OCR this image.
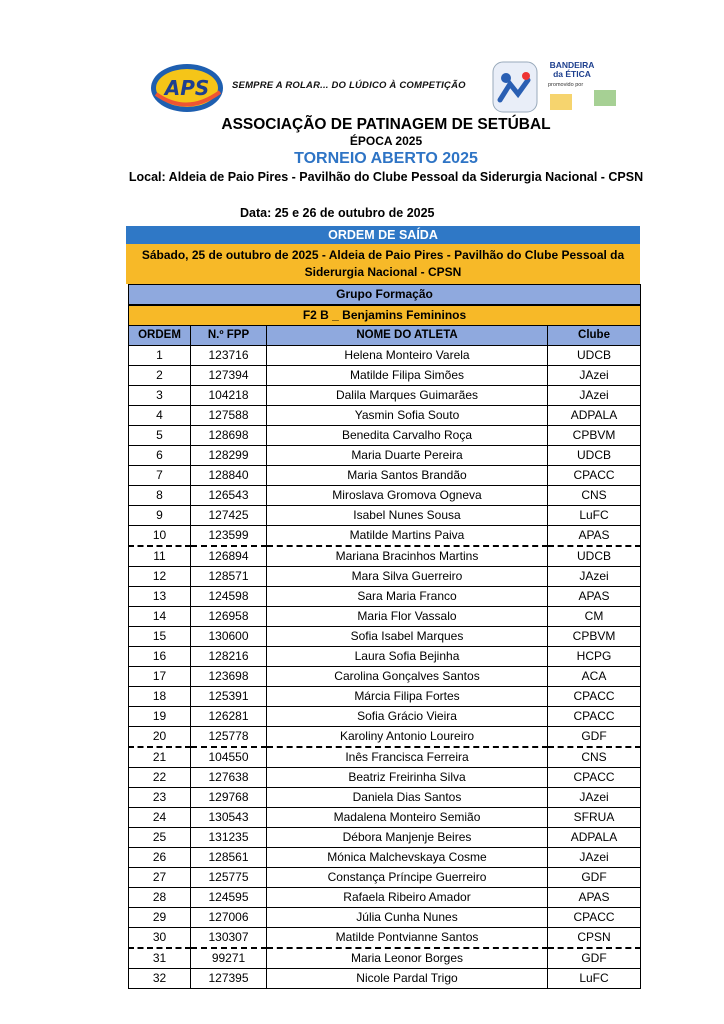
APS SEMPRE A ROLAR... DO LÚDICO À COMPETIÇÃO
BANDEIRA
da ÉTICA
promovido por
ASSOCIAÇÃO DE PATINAGEM DE SETÚBAL
ÉPOCA 2025
TORNEIO ABERTO 2025
Local: Aldeia de Paio Pires - Pavilhão do Clube Pessoal da Siderurgia Nacional - CPSN
Data: 25 e 26 de outubro de 2025
ORDEM DE SAÍDA
Sábado, 25 de outubro de 2025 - Aldeia de Paio Pires - Pavilhão do Clube Pessoal da Siderurgia Nacional - CPSN
Grupo Formação			
F2 B _ Benjamins Femininos			
ORDEM	N.º FPP	NOME DO ATLETA	Clube
1	123716	Helena Monteiro Varela	UDCB
2	127394	Matilde Filipa Simões	JAzei
3	104218	Dalila Marques Guimarães	JAzei
4	127588	Yasmin Sofia Souto	ADPALA
5	128698	Benedita Carvalho Roça	CPBVM
6	128299	Maria Duarte Pereira	UDCB
7	128840	Maria Santos Brandão	CPACC
8	126543	Miroslava Gromova Ogneva	CNS
9	127425	Isabel Nunes Sousa	LuFC
10	123599	Matilde Martins Paiva	APAS
11	126894	Mariana Bracinhos Martins	UDCB
12	128571	Mara Silva Guerreiro	JAzei
13	124598	Sara Maria Franco	APAS
14	126958	Maria Flor Vassalo	CM
15	130600	Sofia Isabel Marques	CPBVM
16	128216	Laura Sofia Bejinha	HCPG
17	123698	Carolina Gonçalves Santos	ACA
18	125391	Márcia Filipa Fortes	CPACC
19	126281	Sofia Grácio Vieira	CPACC
20	125778	Karoliny Antonio Loureiro	GDF
21	104550	Inês Francisca Ferreira	CNS
22	127638	Beatriz Freirinha Silva	CPACC
23	129768	Daniela Dias Santos	JAzei
24	130543	Madalena Monteiro Semião	SFRUA
25	131235	Débora Manjenje Beires	ADPALA
26	128561	Mónica Malchevskaya Cosme	JAzei
27	125775	Constança Príncipe Guerreiro	GDF
28	124595	Rafaela Ribeiro Amador	APAS
29	127006	Júlia Cunha Nunes	CPACC
30	130307	Matilde Pontvianne Santos	CPSN
31	99271	Maria Leonor Borges	GDF
32	127395	Nicole Pardal Trigo	LuFC
